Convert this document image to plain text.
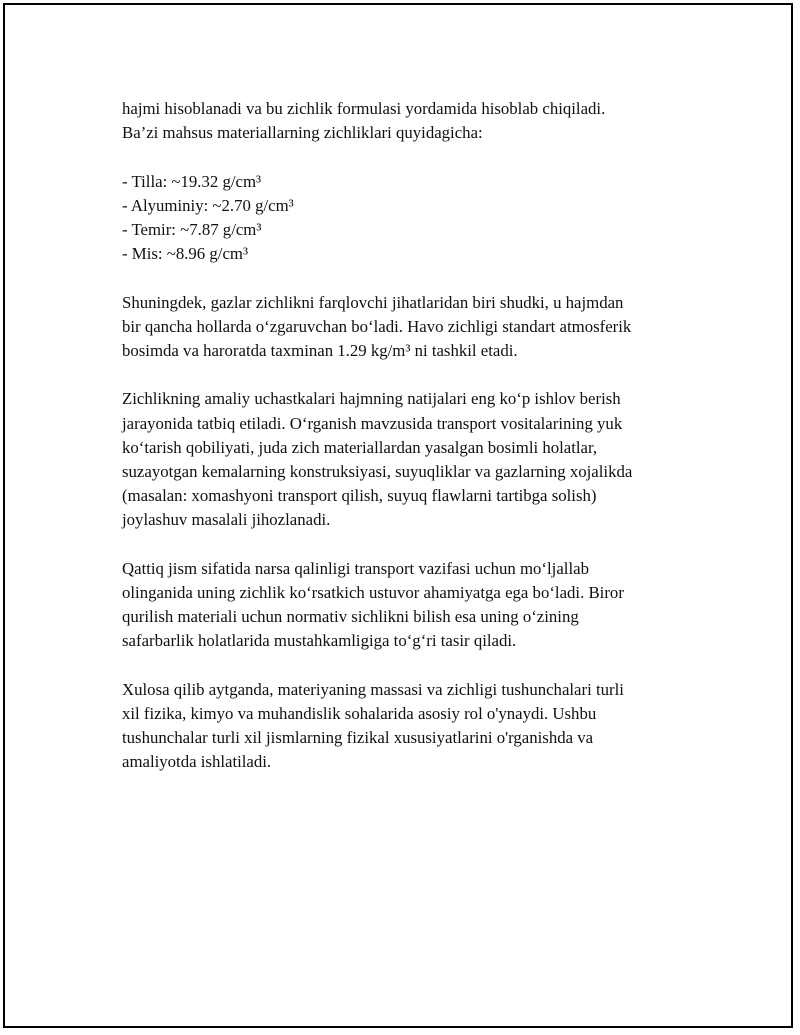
hajmi hisoblanadi va bu zichlik formulasi yordamida hisoblab chiqiladi.
Ba’zi mahsus materiallarning zichliklari quyidagicha:

- Tilla: ~19.32 g/cm³
- Alyuminiy: ~2.70 g/cm³
- Temir: ~7.87 g/cm³
- Mis: ~8.96 g/cm³

Shuningdek, gazlar zichlikni farqlovchi jihatlaridan biri shudki, u hajmdan
bir qancha hollarda oʻzgaruvchan boʻladi. Havo zichligi standart atmosferik
bosimda va haroratda taxminan 1.29 kg/m³ ni tashkil etadi.

Zichlikning amaliy uchastkalari hajmning natijalari eng koʻp ishlov berish
jarayonida tatbiq etiladi. Oʻrganish mavzusida transport vositalarining yuk
koʻtarish qobiliyati, juda zich materiallardan yasalgan bosimli holatlar,
suzayotgan kemalarning konstruksiyasi, suyuqliklar va gazlarning xojalikda
(masalan: xomashyoni transport qilish, suyuq flawlarni tartibga solish)
joylashuv masalali jihozlanadi.

Qattiq jism sifatida narsa qalinligi transport vazifasi uchun moʻljallab
olinganida uning zichlik koʻrsatkich ustuvor ahamiyatga ega boʻladi. Biror
qurilish materiali uchun normativ sichlikni bilish esa uning oʻzining
safarbarlik holatlarida mustahkamligiga toʻgʻri tasir qiladi.

Xulosa qilib aytganda, materiyaning massasi va zichligi tushunchalari turli
xil fizika, kimyo va muhandislik sohalarida asosiy rol o'ynaydi. Ushbu
tushunchalar turli xil jismlarning fizikal xususiyatlarini o'rganishda va
amaliyotda ishlatiladi.
